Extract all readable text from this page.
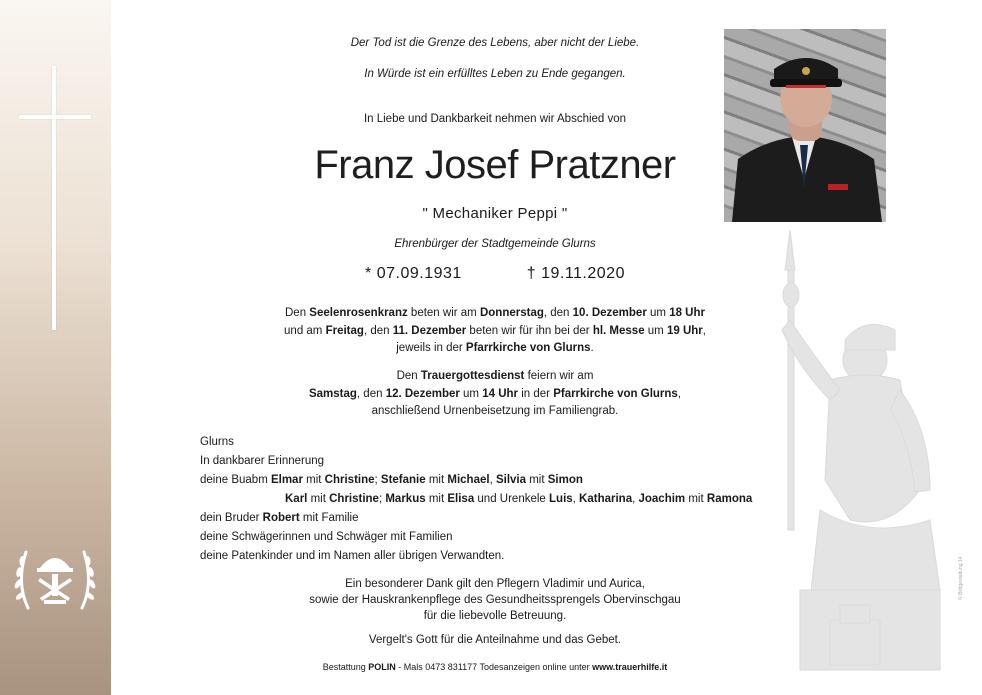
Der Tod ist die Grenze des Lebens, aber nicht der Liebe.
In Würde ist ein erfülltes Leben zu Ende gegangen.
In Liebe und Dankbarkeit nehmen wir Abschied von
Franz Josef Pratzner
" Mechaniker Peppi "
Ehrenbürger der Stadtgemeinde Glurns
* 07.09.1931	† 19.11.2020
Den Seelenrosenkranz beten wir am Donnerstag, den 10. Dezember um 18 Uhr
und am Freitag, den 11. Dezember beten wir für ihn bei der hl. Messe um 19 Uhr,
jeweils in der Pfarrkirche von Glurns.
Den Trauergottesdienst feiern wir am
Samstag, den 12. Dezember um 14 Uhr in der Pfarrkirche von Glurns,
anschließend Urnenbeisetzung im Familiengrab.
Glurns
In dankbarer Erinnerung
deine Buabm Elmar mit Christine; Stefanie mit Michael, Silvia mit Simon
Karl mit Christine; Markus mit Elisa und Urenkele Luis, Katharina, Joachim mit Ramona
dein Bruder Robert mit Familie
deine Schwägerinnen und Schwäger mit Familien
deine Patenkinder und im Namen aller übrigen Verwandten.
Ein besonderer Dank gilt den Pflegern Vladimir und Aurica,
sowie der Hauskrankenpflege des Gesundheitssprengels Obervinschgau
für die liebevolle Betreuung.
Vergelt's Gott für die Anteilnahme und das Gebet.
Bestattung POLIN - Mals 0473 831177 Todesanzeigen online unter www.trauerhilfe.it
© Bildgestaltung 14
